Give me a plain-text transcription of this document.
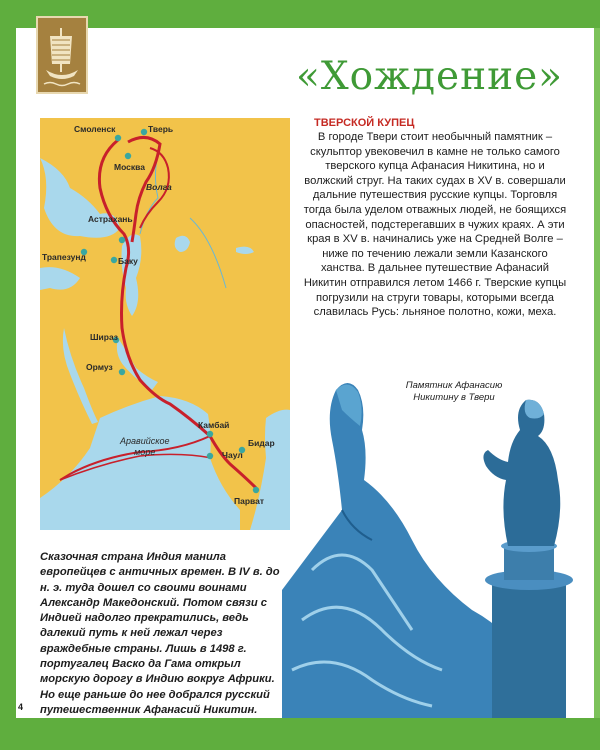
«Хождение»
Смоленск	Тверь
Москва
Волга
Астрахань
Трапезунд	Баку
Шираз
Ормуз
Камбай
Аравийское
море	Чаул
Бидар
Парват
ТВЕРСКОЙ КУПЕЦ
В городе Твери стоит необычный памятник – скульптор увековечил в камне не только самого тверского купца Афанасия Никитина, но и волжский струг. На таких судах в XV в. совершали дальние путешествия русские купцы. Торговля тогда была уделом отважных людей, не боящихся опасностей, подстерегавших в чужих краях. А эти края в XV в. начинались уже на Средней Волге – ниже по течению лежали земли Казанского ханства. В дальнее путешествие Афанасий Никитин отправился летом 1466 г. Тверские купцы погрузили на струги товары, которыми всегда славилась Русь: льняное полотно, кожи, меха.
Памятник Афанасию Никитину в Твери
Сказочная страна Индия манила европейцев с античных времен. В IV в. до н. э. туда дошел со своими воинами Александр Македонский. Потом связи с Индией надолго прекратились, ведь далекий путь к ней лежал через враждебные страны. Лишь в 1498 г. португалец Васко да Гама открыл морскую дорогу в Индию вокруг Африки. Но еще раньше до нее добрался русский путешественник Афанасий Никитин.
4
